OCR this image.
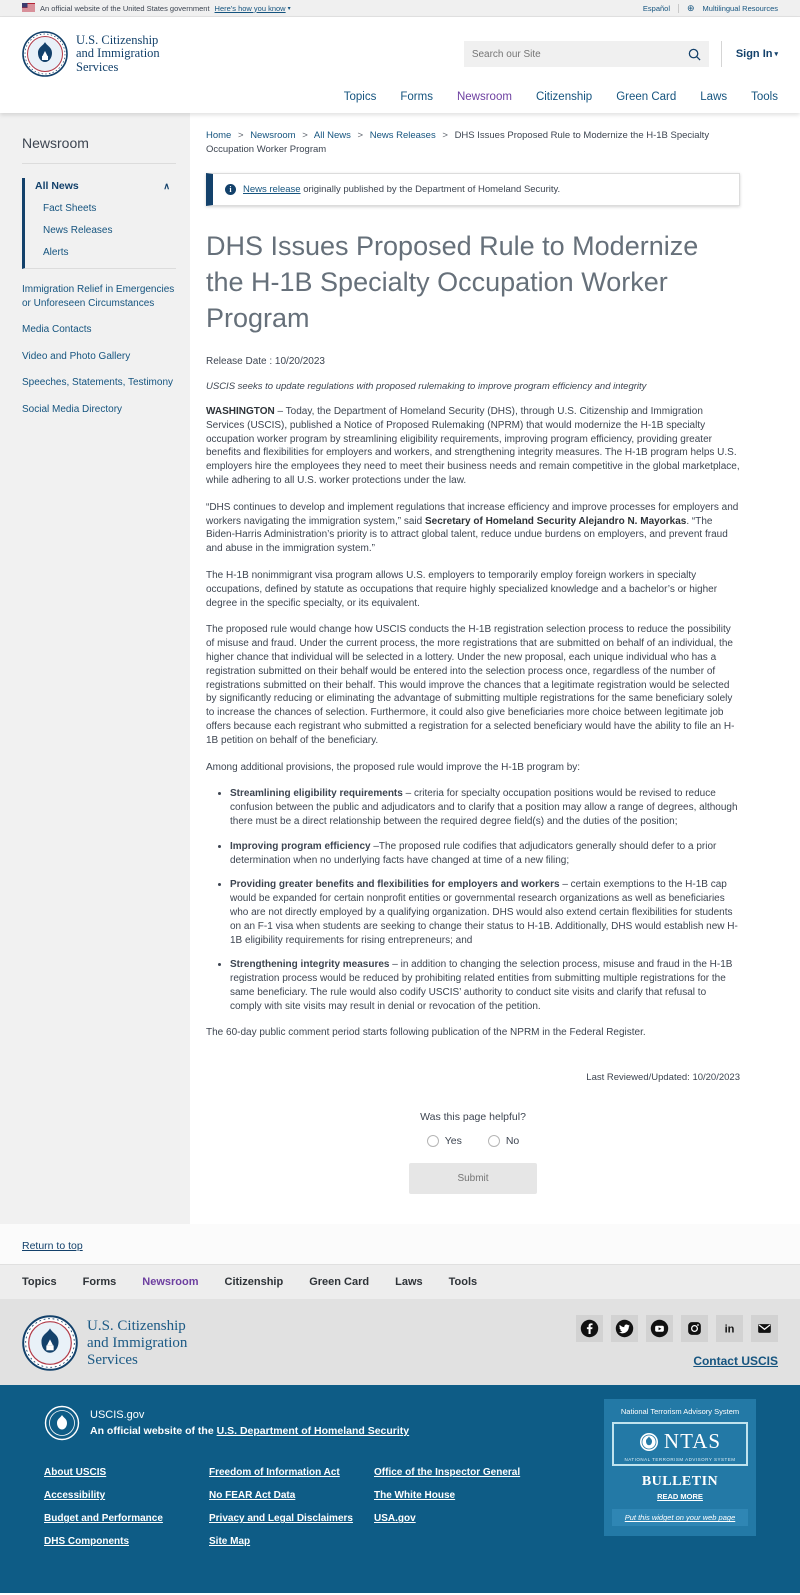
An official website of the United States government Here's how you know ▾	Español ⊕ Multilingual Resources
U.S. Citizenship
and Immigration
Services
Search our Site
Sign In ▾
Topics Forms Newsroom Citizenship Green Card Laws Tools
Newsroom
All News	∧
Fact Sheets
News Releases
Alerts
Immigration Relief in Emergencies or Unforeseen Circumstances
Media Contacts
Video and Photo Gallery
Speeches, Statements, Testimony
Social Media Directory
Home > Newsroom > All News > News Releases > DHS Issues Proposed Rule to Modernize the H-1B Specialty Occupation Worker Program
i	News release originally published by the Department of Homeland Security.
DHS Issues Proposed Rule to Modernize the H-1B Specialty Occupation Worker Program
Release Date : 10/20/2023
USCIS seeks to update regulations with proposed rulemaking to improve program efficiency and integrity

WASHINGTON – Today, the Department of Homeland Security (DHS), through U.S. Citizenship and Immigration Services (USCIS), published a Notice of Proposed Rulemaking (NPRM) that would modernize the H-1B specialty occupation worker program by streamlining eligibility requirements, improving program efficiency, providing greater benefits and flexibilities for employers and workers, and strengthening integrity measures. The H-1B program helps U.S. employers hire the employees they need to meet their business needs and remain competitive in the global marketplace, while adhering to all U.S. worker protections under the law.

“DHS continues to develop and implement regulations that increase efficiency and improve processes for employers and workers navigating the immigration system,” said Secretary of Homeland Security Alejandro N. Mayorkas. “The Biden-Harris Administration’s priority is to attract global talent, reduce undue burdens on employers, and prevent fraud and abuse in the immigration system.”

The H-1B nonimmigrant visa program allows U.S. employers to temporarily employ foreign workers in specialty occupations, defined by statute as occupations that require highly specialized knowledge and a bachelor’s or higher degree in the specific specialty, or its equivalent.

The proposed rule would change how USCIS conducts the H-1B registration selection process to reduce the possibility of misuse and fraud. Under the current process, the more registrations that are submitted on behalf of an individual, the higher chance that individual will be selected in a lottery. Under the new proposal, each unique individual who has a registration submitted on their behalf would be entered into the selection process once, regardless of the number of registrations submitted on their behalf. This would improve the chances that a legitimate registration would be selected by significantly reducing or eliminating the advantage of submitting multiple registrations for the same beneficiary solely to increase the chances of selection. Furthermore, it could also give beneficiaries more choice between legitimate job offers because each registrant who submitted a registration for a selected beneficiary would have the ability to file an H-1B petition on behalf of the beneficiary.

Among additional provisions, the proposed rule would improve the H-1B program by:

• Streamlining eligibility requirements – criteria for specialty occupation positions would be revised to reduce confusion between the public and adjudicators and to clarify that a position may allow a range of degrees, although there must be a direct relationship between the required degree field(s) and the duties of the position;
• Improving program efficiency –The proposed rule codifies that adjudicators generally should defer to a prior determination when no underlying facts have changed at time of a new filing;
• Providing greater benefits and flexibilities for employers and workers – certain exemptions to the H-1B cap would be expanded for certain nonprofit entities or governmental research organizations as well as beneficiaries who are not directly employed by a qualifying organization. DHS would also extend certain flexibilities for students on an F-1 visa when students are seeking to change their status to H-1B. Additionally, DHS would establish new H-1B eligibility requirements for rising entrepreneurs; and
• Strengthening integrity measures – in addition to changing the selection process, misuse and fraud in the H-1B registration process would be reduced by prohibiting related entities from submitting multiple registrations for the same beneficiary. The rule would also codify USCIS’ authority to conduct site visits and clarify that refusal to comply with site visits may result in denial or revocation of the petition.

The 60-day public comment period starts following publication of the NPRM in the Federal Register.

Last Reviewed/Updated: 10/20/2023
Was this page helpful?
Yes	No
Submit
Return to top
Topics Forms Newsroom Citizenship Green Card Laws Tools
U.S. Citizenship
and Immigration
Services
in
Contact USCIS
USCIS.gov
An official website of the U.S. Department of Homeland Security
About USCIS
Accessibility
Budget and Performance
DHS Components
Freedom of Information Act
No FEAR Act Data
Privacy and Legal Disclaimers
Site Map
Office of the Inspector General
The White House
USA.gov
National Terrorism Advisory System
NTAS
NATIONAL TERRORISM ADVISORY SYSTEM
BULLETIN
READ MORE
Put this widget on your web page
